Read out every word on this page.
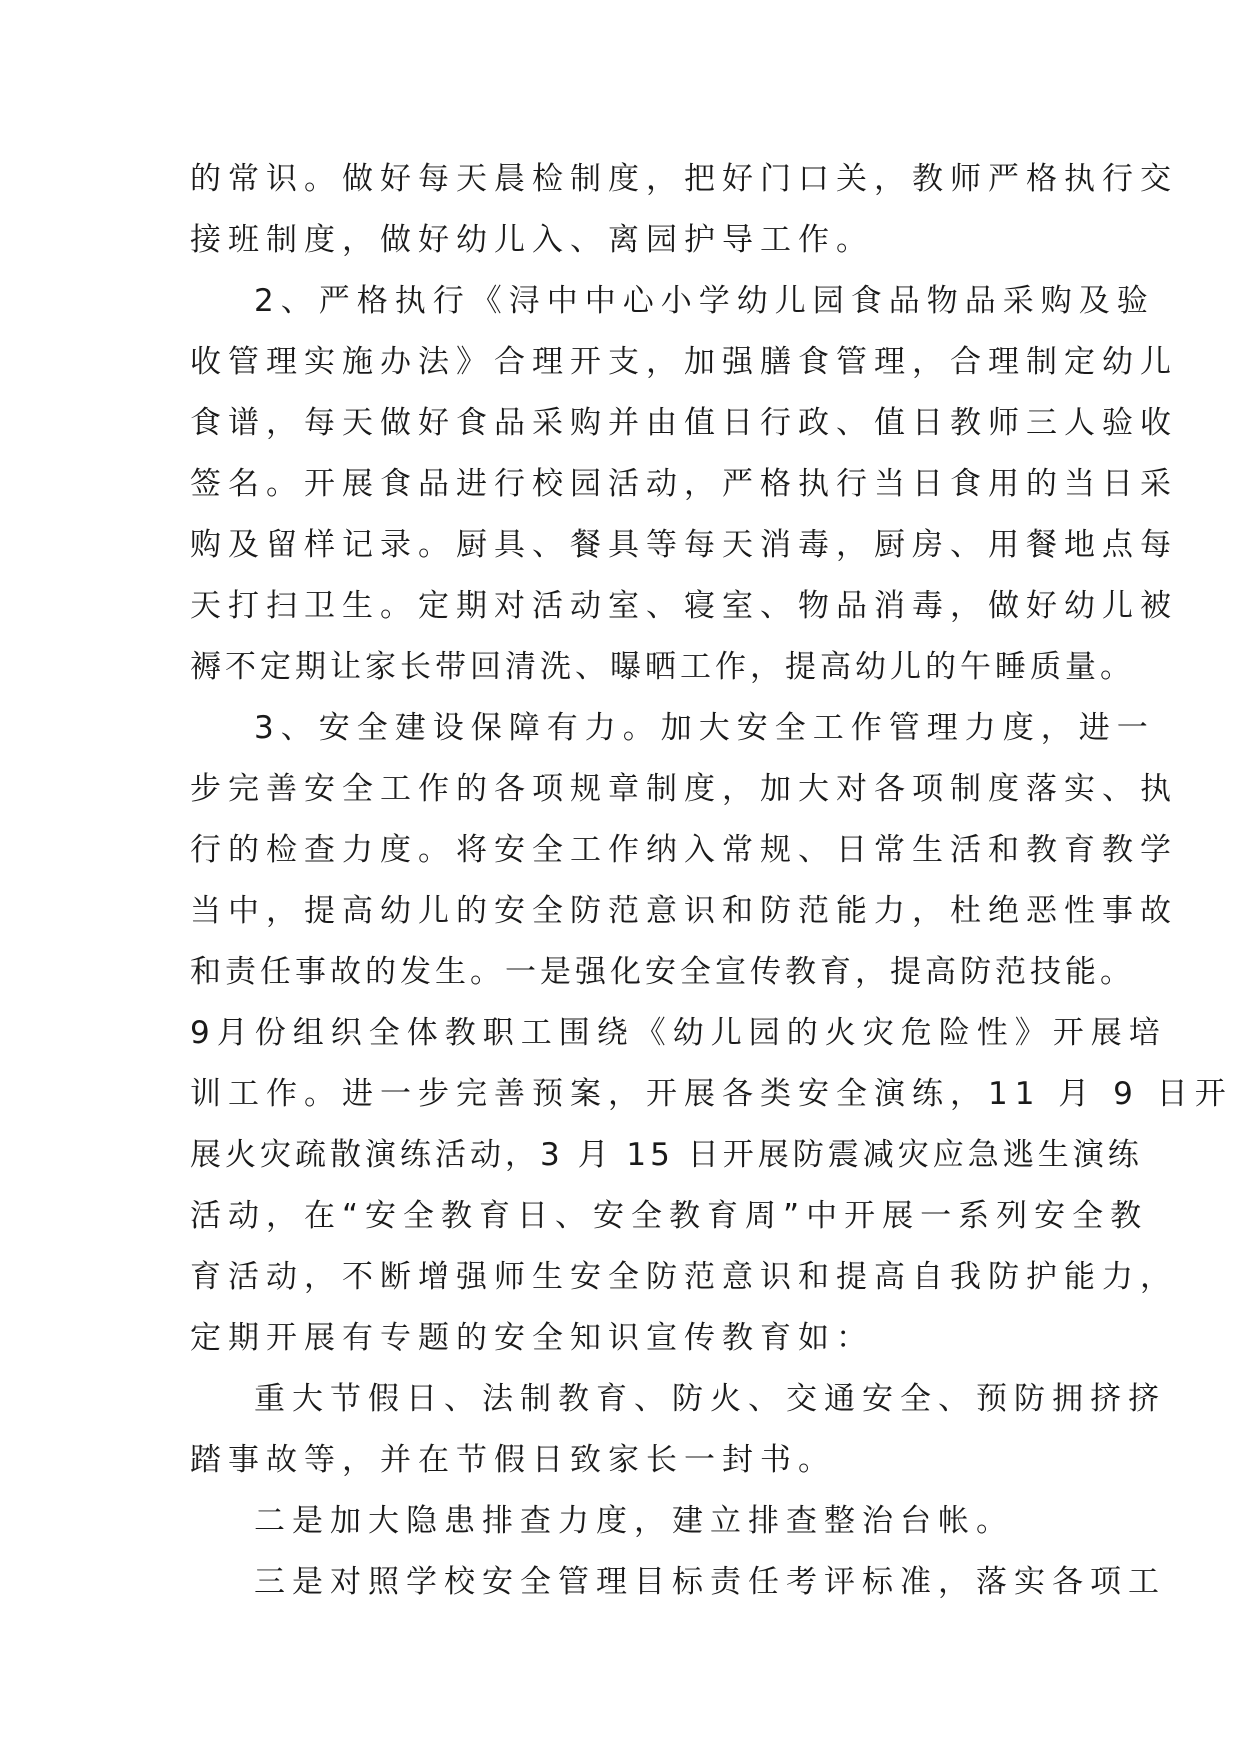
的常识。做好每天晨检制度，把好门口关，教师严格执行交
接班制度，做好幼儿入、离园护导工作。
2、严格执行《浔中中心小学幼儿园食品物品采购及验
收管理实施办法》合理开支，加强膳食管理，合理制定幼儿
食谱，每天做好食品采购并由值日行政、值日教师三人验收
签名。开展食品进行校园活动，严格执行当日食用的当日采
购及留样记录。厨具、餐具等每天消毒，厨房、用餐地点每
天打扫卫生。定期对活动室、寝室、物品消毒，做好幼儿被
褥不定期让家长带回清洗、曝晒工作，提高幼儿的午睡质量。
3、安全建设保障有力。加大安全工作管理力度，进一
步完善安全工作的各项规章制度，加大对各项制度落实、执
行的检查力度。将安全工作纳入常规、日常生活和教育教学
当中，提高幼儿的安全防范意识和防范能力，杜绝恶性事故
和责任事故的发生。一是强化安全宣传教育，提高防范技能。
9月份组织全体教职工围绕《幼儿园的火灾危险性》开展培
训工作。进一步完善预案，开展各类安全演练，11 月 9 日开
展火灾疏散演练活动，3 月 15 日开展防震减灾应急逃生演练
活动，在“安全教育日、安全教育周”中开展一系列安全教
育活动，不断增强师生安全防范意识和提高自我防护能力，
定期开展有专题的安全知识宣传教育如：
重大节假日、法制教育、防火、交通安全、预防拥挤挤
踏事故等，并在节假日致家长一封书。
二是加大隐患排查力度，建立排查整治台帐。
三是对照学校安全管理目标责任考评标准，落实各项工
